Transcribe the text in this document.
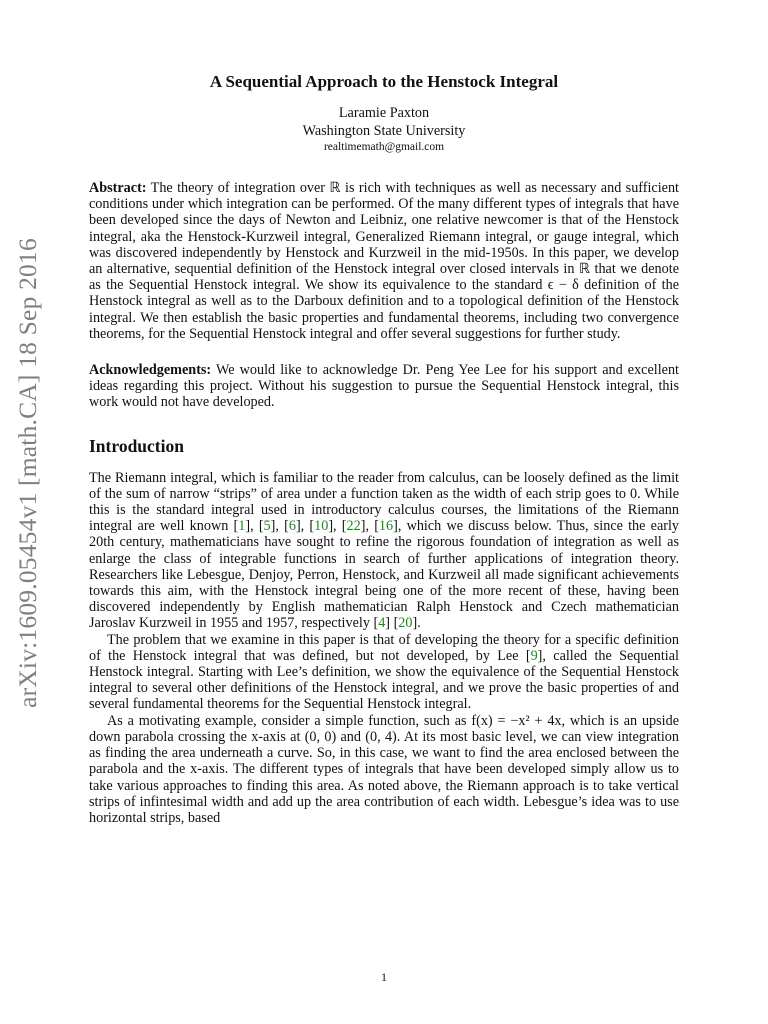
arXiv:1609.05454v1 [math.CA] 18 Sep 2016
A Sequential Approach to the Henstock Integral
Laramie Paxton
Washington State University
realtimemath@gmail.com

Abstract: The theory of integration over ℝ is rich with techniques as well as necessary and sufficient conditions under which integration can be performed. Of the many different types of integrals that have been developed since the days of Newton and Leibniz, one relative newcomer is that of the Henstock integral, aka the Henstock-Kurzweil integral, Generalized Riemann integral, or gauge integral, which was discovered independently by Henstock and Kurzweil in the mid-1950s. In this paper, we develop an alternative, sequential definition of the Henstock integral over closed intervals in ℝ that we denote as the Sequential Henstock integral. We show its equivalence to the standard ϵ − δ definition of the Henstock integral as well as to the Darboux definition and to a topological definition of the Henstock integral. We then establish the basic properties and fundamental theorems, including two convergence theorems, for the Sequential Henstock integral and offer several suggestions for further study.

Acknowledgements: We would like to acknowledge Dr. Peng Yee Lee for his support and excellent ideas regarding this project. Without his suggestion to pursue the Sequential Henstock integral, this work would not have developed.

Introduction

The Riemann integral, which is familiar to the reader from calculus, can be loosely defined as the limit of the sum of narrow “strips” of area under a function taken as the width of each strip goes to 0. While this is the standard integral used in introductory calculus courses, the limitations of the Riemann integral are well known [1], [5], [6], [10], [22], [16], which we discuss below. Thus, since the early 20th century, mathematicians have sought to refine the rigorous foundation of integration as well as enlarge the class of integrable functions in search of further applications of integration theory. Researchers like Lebesgue, Denjoy, Perron, Henstock, and Kurzweil all made significant achievements towards this aim, with the Henstock integral being one of the more recent of these, having been discovered independently by English mathematician Ralph Henstock and Czech mathematician Jaroslav Kurzweil in 1955 and 1957, respectively [4] [20].

The problem that we examine in this paper is that of developing the theory for a specific definition of the Henstock integral that was defined, but not developed, by Lee [9], called the Sequential Henstock integral. Starting with Lee’s definition, we show the equivalence of the Sequential Henstock integral to several other definitions of the Henstock integral, and we prove the basic properties of and several fundamental theorems for the Sequential Henstock integral.

As a motivating example, consider a simple function, such as f(x) = −x² + 4x, which is an upside down parabola crossing the x-axis at (0, 0) and (0, 4). At its most basic level, we can view integration as finding the area underneath a curve. So, in this case, we want to find the area enclosed between the parabola and the x-axis. The different types of integrals that have been developed simply allow us to take various approaches to finding this area. As noted above, the Riemann approach is to take vertical strips of infintesimal width and add up the area contribution of each width. Lebesgue’s idea was to use horizontal strips, based

1
